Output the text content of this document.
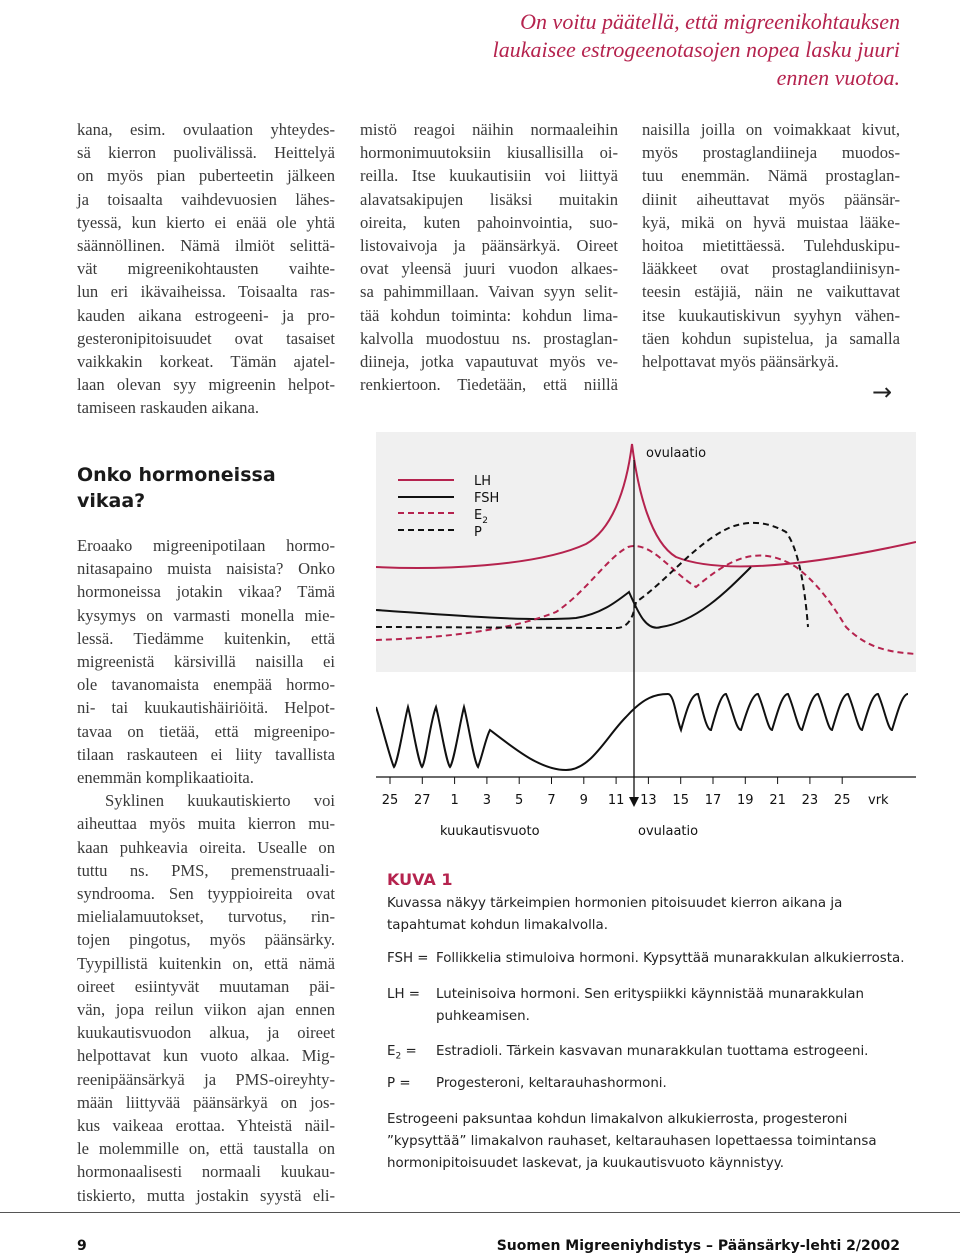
On voitu päätellä, että migreenikohtauksen
laukaisee estrogeenotasojen nopea lasku juuri
ennen vuotoa.
kana, esim. ovulaation yhteydes-
sä kierron puolivälissä. Heittelyä
on myös pian puberteetin jälkeen
ja toisaalta vaihdevuosien lähes-
tyessä, kun kierto ei enää ole yhtä
säännöllinen. Nämä ilmiöt selittä-
vät migreenikohtausten vaihte-
lun eri ikävaiheissa. Toisaalta ras-
kauden aikana estrogeeni- ja pro-
gesteronipitoisuudet ovat tasaiset
vaikkakin korkeat. Tämän ajatel-
laan olevan syy migreenin helpot-
tamiseen raskauden aikana.
mistö reagoi näihin normaaleihin
hormonimuutoksiin kiusallisilla oi-
reilla. Itse kuukautisiin voi liittyä
alavatsakipujen lisäksi muitakin
oireita, kuten pahoinvointia, suo-
listovaivoja ja päänsärkyä. Oireet
ovat yleensä juuri vuodon alkaes-
sa pahimmillaan. Vaivan syyn selit-
tää kohdun toiminta: kohdun lima-
kalvolla muodostuu ns. prostaglan-
diineja, jotka vapautuvat myös ve-
renkiertoon. Tiedetään, että niillä
naisilla joilla on voimakkaat kivut,
myös prostaglandiineja muodos-
tuu enemmän. Nämä prostaglan-
diinit aiheuttavat myös päänsär-
kyä, mikä on hyvä muistaa lääke-
hoitoa mietittäessä. Tulehduskipu-
lääkkeet ovat prostaglandiinisyn-
teesin estäjiä, näin ne vaikuttavat
itse kuukautiskivun syyhyn vähen-
täen kohdun supistelua, ja samalla
helpottavat myös päänsärkyä.
→
Onko hormoneissa
vikaa?
Eroaako migreenipotilaan hormo-
nitasapaino muista naisista? Onko
hormoneissa jotakin vikaa? Tämä
kysymys on varmasti monella mie-
lessä. Tiedämme kuitenkin, että
migreenistä kärsivillä naisilla ei
ole tavanomaista enempää hormo-
ni- tai kuukautishäiriöitä. Helpot-
tavaa on tietää, että migreenipo-
tilaan raskauteen ei liity tavallista
enemmän komplikaatioita.
Syklinen kuukautiskierto voi
aiheuttaa myös muita kierron mu-
kaan puhkeavia oireita. Usealle on
tuttu ns. PMS, premenstruaali-
syndrooma. Sen tyyppioireita ovat
mielialamuutokset, turvotus, rin-
tojen pingotus, myös päänsärky.
Tyypillistä kuitenkin on, että nämä
oireet esiintyvät muutaman päi-
vän, jopa reilun viikon ajan ennen
kuukautisvuodon alkua, ja oireet
helpottavat kun vuoto alkaa. Mig-
reenipäänsärkyä ja PMS-oireyhty-
mään liittyvää päänsärkyä on jos-
kus vaikeaa erottaa. Yhteistä näil-
le molemmille on, että taustalla on
hormonaalisesti normaali kuukau-
tiskierto, mutta jostakin syystä eli-
LH
FSH
$E_2$
P
ovulaatio
25 27 1 3 5 7 9 11 13 15 17 19 21 23 25 vrk
kuukautisvuoto	ovulaatio
KUVA 1
Kuvassa näkyy tärkeimpien hormonien pitoisuudet kierron aikana ja tapahtumat kohdun limakalvolla.
FSH = Follikkelia stimuloiva hormoni. Kypsyttää munarakkulan alkukierrosta.
LH = Luteinisoiva hormoni. Sen erityspiikki käynnistää munarakkulan puhkeamisen.
$E_2$ = Estradioli. Tärkein kasvavan munarakkulan tuottama estrogeeni.
P = Progesteroni, keltarauhashormoni.
Estrogeeni paksuntaa kohdun limakalvon alkukierrosta, progesteroni
”kypsyttää” limakalvon rauhaset, keltarauhasen lopettaessa toimintansa
hormonipitoisuudet laskevat, ja kuukautisvuoto käynnistyy.
9	Suomen Migreeniyhdistys – Päänsärky-lehti 2/2002
